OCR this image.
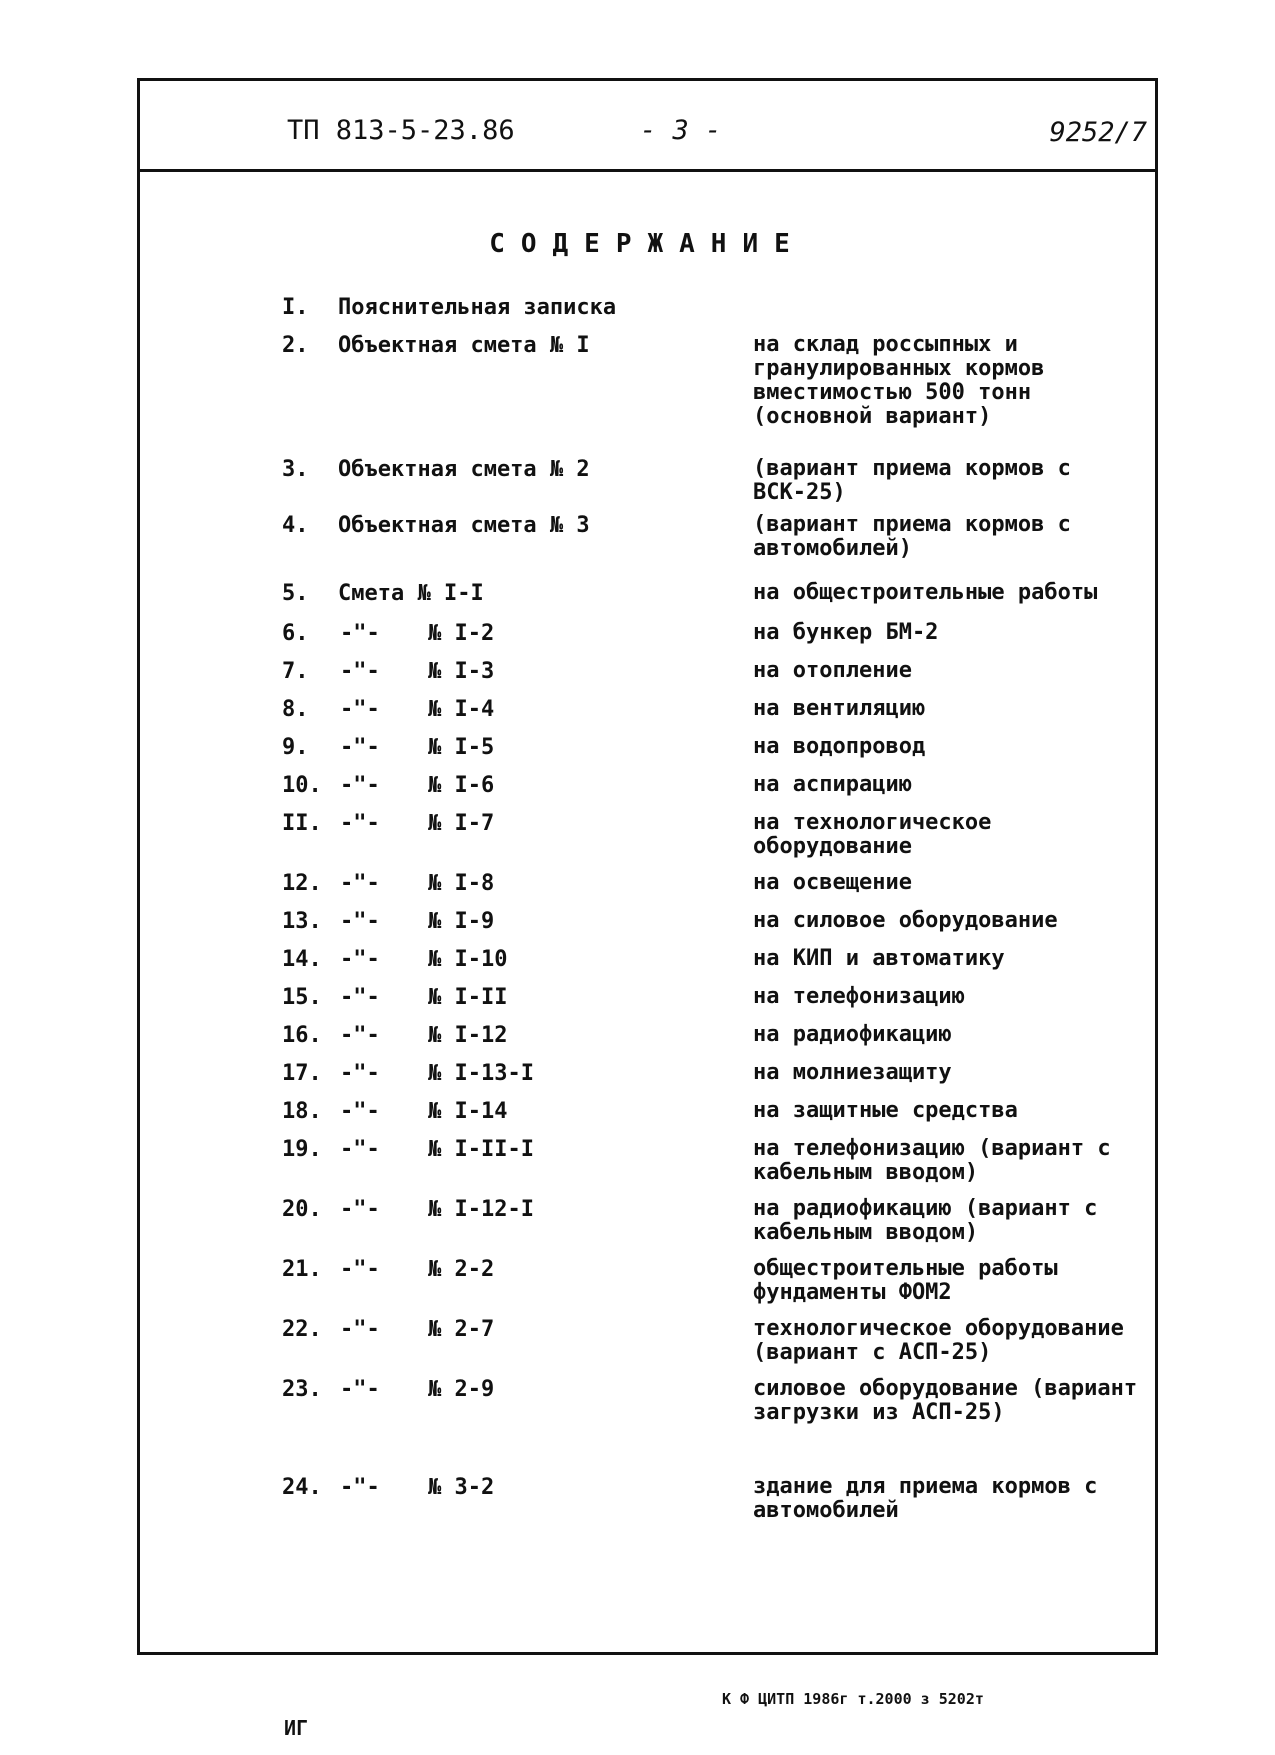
ТП 813-5-23.86	- 3 -	9252/7
СОДЕРЖАНИЕ
I.	Пояснительная записка
2.	Объектная смета № I	на склад россыпных и гранулированных кормов вместимостью 500 тонн
(основной вариант)
3.	Объектная смета № 2	(вариант приема кормов с ВСК-25)
4.	Объектная смета № 3	(вариант приема кормов с автомобилей)
5.	Смета № I-I	на общестроительные работы
6.	-"- № I-2	на бункер БМ-2
7.	-"- № I-3	на отопление
8.	-"- № I-4	на вентиляцию
9.	-"- № I-5	на водопровод
10. -"- № I-6	на аспирацию
II. -"- № I-7	на технологическое оборудование
12. -"- № I-8	на освещение
13. -"- № I-9	на силовое оборудование
14. -"- № I-10	на КИП и автоматику
15. -"- № I-II	на телефонизацию
16. -"- № I-12	на радиофикацию
17. -"- № I-13-I	на молниезащиту
18. -"- № I-14	на защитные средства
19. -"- № I-II-I	на телефонизацию (вариант с кабельным вводом)
20. -"- № I-12-I	на радиофикацию (вариант с кабельным вводом)
21. -"- № 2-2	общестроительные работы фундаменты ФОМ2
22. -"- № 2-7	технологическое оборудование (вариант с АСП-25)
23. -"- № 2-9	силовое оборудование (вариант загрузки из АСП-25)
24. -"- № 3-2	здание для приема кормов с автомобилей
К Ф ЦИТП 1986г т.2000 з 5202т
ИГ
